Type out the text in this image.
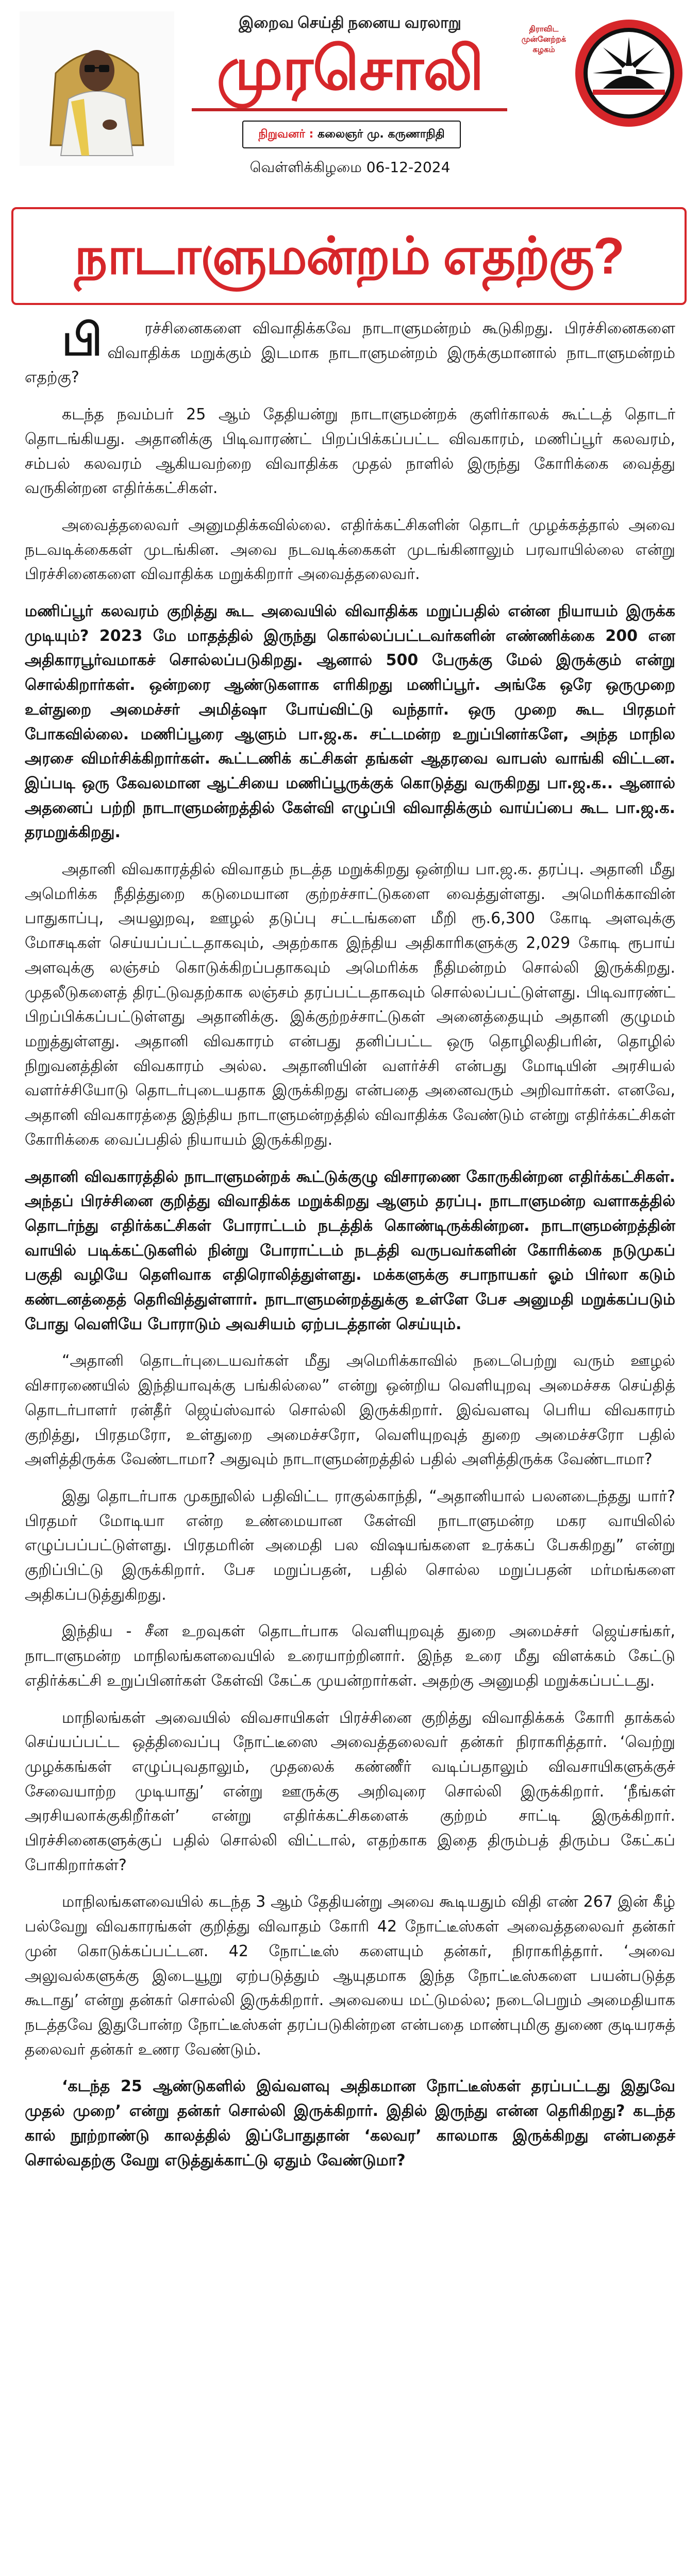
இறைவ செய்தி நனைய வரலாறு
முரசொலி
நிறுவனர் : கலைஞர் மு. கருணாநிதி
வெள்ளிக்கிழமை 06-12-2024
திராவிட முன்னேற்றக் கழகம்
நாடாளுமன்றம் எதற்கு?

பி	ரச்சினைகளை விவாதிக்கவே நாடாளுமன்றம் கூடுகிறது. பிரச்சினைகளை விவாதிக்க மறுக்கும் இடமாக நாடாளுமன்றம் இருக்குமானால் நாடாளுமன்றம் எதற்கு?

கடந்த நவம்பர் 25 ஆம் தேதியன்று நாடாளுமன்றக் குளிர்காலக் கூட்டத் தொடர் தொடங்கியது. அதானிக்கு பிடிவாரண்ட் பிறப்பிக்கப்பட்ட விவகாரம், மணிப்பூர் கலவரம், சம்பல் கலவரம் ஆகியவற்றை விவாதிக்க முதல் நாளில் இருந்து கோரிக்கை வைத்து வருகின்றன எதிர்க்கட்சிகள்.

அவைத்தலைவர் அனுமதிக்கவில்லை. எதிர்க்கட்சிகளின் தொடர் முழக்கத்தால் அவை நடவடிக்கைகள் முடங்கின. அவை நடவடிக்கைகள் முடங்கினாலும் பரவாயில்லை என்று பிரச்சினைகளை விவாதிக்க மறுக்கிறார் அவைத்தலைவர்.

மணிப்பூர் கலவரம் குறித்து கூட அவையில் விவாதிக்க மறுப்பதில் என்ன நியாயம் இருக்க முடியும்? 2023 மே மாதத்தில் இருந்து கொல்லப்பட்டவர்களின் எண்ணிக்கை 200 என அதிகாரபூர்வமாகச் சொல்லப்படுகிறது. ஆனால் 500 பேருக்கு மேல் இருக்கும் என்று சொல்கிறார்கள். ஒன்றரை ஆண்டுகளாக எரிகிறது மணிப்பூர். அங்கே ஒரே ஒருமுறை உள்துறை அமைச்சர் அமித்ஷா போய்விட்டு வந்தார். ஒரு முறை கூட பிரதமர் போகவில்லை. மணிப்பூரை ஆளும் பா.ஜ.க. சட்டமன்ற உறுப்பினர்களே, அந்த மாநில அரசை விமர்சிக்கிறார்கள். கூட்டணிக் கட்சிகள் தங்கள் ஆதரவை வாபஸ் வாங்கி விட்டன. இப்படி ஒரு கேவலமான ஆட்சியை மணிப்பூருக்குக் கொடுத்து வருகிறது பா.ஜ.க.. ஆனால் அதனைப் பற்றி நாடாளுமன்றத்தில் கேள்வி எழுப்பி விவாதிக்கும் வாய்ப்பை கூட பா.ஜ.க. தரமறுக்கிறது.

அதானி விவகாரத்தில் விவாதம் நடத்த மறுக்கிறது ஒன்றிய பா.ஜ.க. தரப்பு. அதானி மீது அமெரிக்க நீதித்துறை கடுமையான குற்றச்சாட்டுகளை வைத்துள்ளது. அமெரிக்காவின் பாதுகாப்பு, அயலுறவு, ஊழல் தடுப்பு சட்டங்களை மீறி ரூ.6,300 கோடி அளவுக்கு மோசடிகள் செய்யப்பட்டதாகவும், அதற்காக இந்திய அதிகாரிகளுக்கு 2,029 கோடி ரூபாய் அளவுக்கு லஞ்சம் கொடுக்கிறப்பதாகவும் அமெரிக்க நீதிமன்றம் சொல்லி இருக்கிறது. முதலீடுகளைத் திரட்டுவதற்காக லஞ்சம் தரப்பட்டதாகவும் சொல்லப்பட்டுள்ளது. பிடிவாரண்ட் பிறப்பிக்கப்பட்டுள்ளது அதானிக்கு. இக்குற்றச்சாட்டுகள் அனைத்தையும் அதானி குழுமம் மறுத்துள்ளது. அதானி விவகாரம் என்பது தனிப்பட்ட ஒரு தொழிலதிபரின், தொழில் நிறுவனத்தின் விவகாரம் அல்ல. அதானியின் வளர்ச்சி என்பது மோடியின் அரசியல் வளர்ச்சியோடு தொடர்புடையதாக இருக்கிறது என்பதை அனைவரும் அறிவார்கள். எனவே, அதானி விவகாரத்தை இந்திய நாடாளுமன்றத்தில் விவாதிக்க வேண்டும் என்று எதிர்க்கட்சிகள் கோரிக்கை வைப்பதில் நியாயம் இருக்கிறது.

அதானி விவகாரத்தில் நாடாளுமன்றக் கூட்டுக்குழு விசாரணை கோருகின்றன எதிர்க்கட்சிகள். அந்தப் பிரச்சினை குறித்து விவாதிக்க மறுக்கிறது ஆளும் தரப்பு. நாடாளுமன்ற வளாகத்தில் தொடர்ந்து எதிர்க்கட்சிகள் போராட்டம் நடத்திக் கொண்டிருக்கின்றன. நாடாளுமன்றத்தின் வாயில் படிக்கட்டுகளில் நின்று போராட்டம் நடத்தி வருபவர்களின் கோரிக்கை நடுமுகப் பகுதி வழியே தெளிவாக எதிரொலித்துள்ளது. மக்களுக்கு சபாநாயகர் ஓம் பிர்லா கடும் கண்டனத்தைத் தெரிவித்துள்ளார். நாடாளுமன்றத்துக்கு உள்ளே பேச அனுமதி மறுக்கப்படும் போது வெளியே போராடும் அவசியம் ஏற்படத்தான் செய்யும்.

“அதானி தொடர்புடையவர்கள் மீது அமெரிக்காவில் நடைபெற்று வரும் ஊழல் விசாரணையில் இந்தியாவுக்கு பங்கில்லை” என்று ஒன்றிய வெளியுறவு அமைச்சக செய்தித் தொடர்பாளர் ரன்தீர் ஜெய்ஸ்வால் சொல்லி இருக்கிறார். இவ்வளவு பெரிய விவகாரம் குறித்து, பிரதமரோ, உள்துறை அமைச்சரோ, வெளியுறவுத் துறை அமைச்சரோ பதில் அளித்திருக்க வேண்டாமா? அதுவும் நாடாளுமன்றத்தில் பதில் அளித்திருக்க வேண்டாமா?

இது தொடர்பாக முகநூலில் பதிவிட்ட ராகுல்காந்தி, “அதானியால் பலனடைந்தது யார்? பிரதமர் மோடியா என்ற உண்மையான கேள்வி நாடாளுமன்ற மகர வாயிலில் எழுப்பப்பட்டுள்ளது. பிரதமரின் அமைதி பல விஷயங்களை உரக்கப் பேசுகிறது” என்று குறிப்பிட்டு இருக்கிறார். பேச மறுப்பதன், பதில் சொல்ல மறுப்பதன் மர்மங்களை அதிகப்படுத்துகிறது.

இந்திய - சீன உறவுகள் தொடர்பாக வெளியுறவுத் துறை அமைச்சர் ஜெய்சங்கர், நாடாளுமன்ற மாநிலங்களவையில் உரையாற்றினார். இந்த உரை மீது விளக்கம் கேட்டு எதிர்க்கட்சி உறுப்பினர்கள் கேள்வி கேட்க முயன்றார்கள். அதற்கு அனுமதி மறுக்கப்பட்டது.

மாநிலங்கள் அவையில் விவசாயிகள் பிரச்சினை குறித்து விவாதிக்கக் கோரி தாக்கல் செய்யப்பட்ட ஒத்திவைப்பு நோட்டீஸை அவைத்தலைவர் தன்கர் நிராகரித்தார். ‘வெற்று முழக்கங்கள் எழுப்புவதாலும், முதலைக் கண்ணீர் வடிப்பதாலும் விவசாயிகளுக்குச் சேவையாற்ற முடியாது’ என்று ஊருக்கு அறிவுரை சொல்லி இருக்கிறார். ‘நீங்கள் அரசியலாக்குகிறீர்கள்’ என்று எதிர்க்கட்சிகளைக் குற்றம் சாட்டி இருக்கிறார். பிரச்சினைகளுக்குப் பதில் சொல்லி விட்டால், எதற்காக இதை திரும்பத் திரும்ப கேட்கப் போகிறார்கள்?

மாநிலங்களவையில் கடந்த 3 ஆம் தேதியன்று அவை கூடியதும் விதி எண் 267 இன் கீழ் பல்வேறு விவகாரங்கள் குறித்து விவாதம் கோரி 42 நோட்டீஸ்கள் அவைத்தலைவர் தன்கர் முன் கொடுக்கப்பட்டன. 42 நோட்டீஸ் களையும் தன்கர், நிராகரித்தார். ‘அவை அலுவல்களுக்கு இடையூறு ஏற்படுத்தும் ஆயுதமாக இந்த நோட்டீஸ்களை பயன்படுத்த கூடாது’ என்று தன்கர் சொல்லி இருக்கிறார். அவையை மட்டுமல்ல; நடைபெறும் அமைதியாக நடத்தவே இதுபோன்ற நோட்டீஸ்கள் தரப்படுகின்றன என்பதை மாண்புமிகு துணை குடியரசுத் தலைவர் தன்கர் உணர வேண்டும்.

‘கடந்த 25 ஆண்டுகளில் இவ்வளவு அதிகமான நோட்டீஸ்கள் தரப்பட்டது இதுவே முதல் முறை’ என்று தன்கர் சொல்லி இருக்கிறார். இதில் இருந்து என்ன தெரிகிறது? கடந்த கால் நூற்றாண்டு காலத்தில் இப்போதுதான் ‘கலவர’ காலமாக இருக்கிறது என்பதைச் சொல்வதற்கு வேறு எடுத்துக்காட்டு ஏதும் வேண்டுமா?
